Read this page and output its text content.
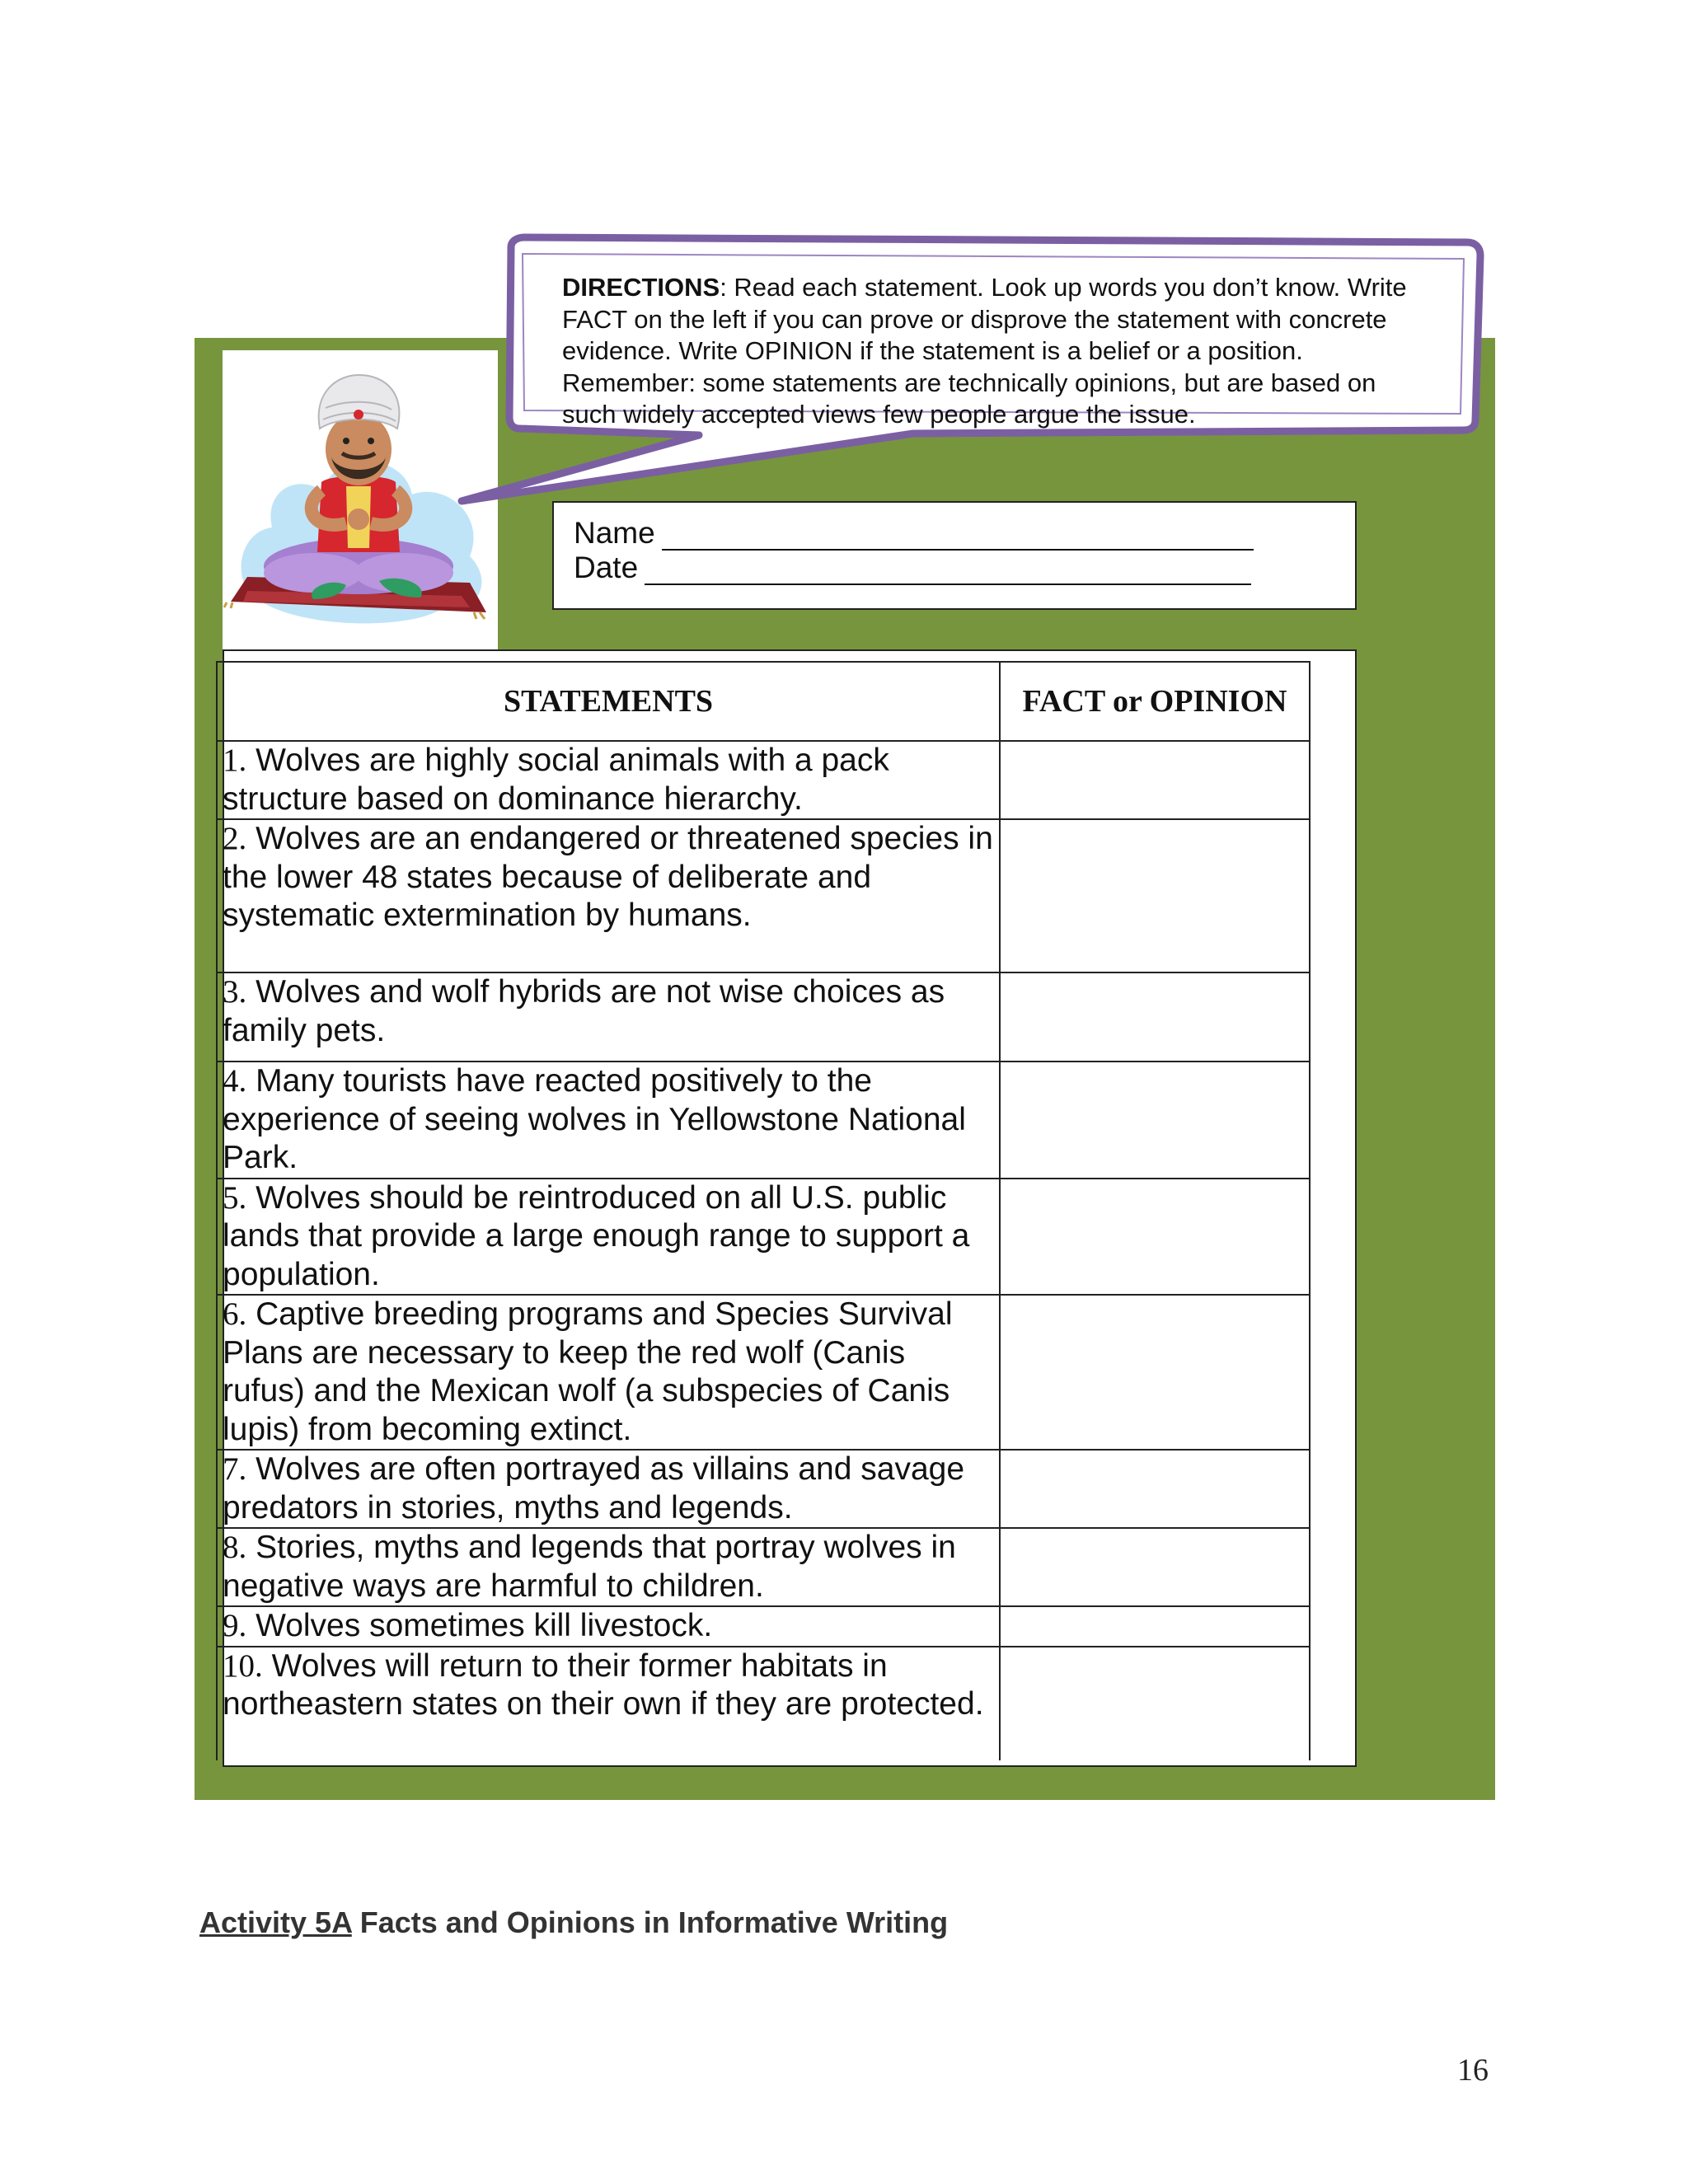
DIRECTIONS: Read each statement. Look up words you don’t know. Write FACT on the left if you can prove or disprove the statement with concrete evidence. Write OPINION if the statement is a belief or a position. Remember: some statements are technically opinions, but are based on such widely accepted views few people argue the issue.
Name
Date
STATEMENTS	FACT or OPINION
1. Wolves are highly social animals with a pack structure based on dominance hierarchy.	
2. Wolves are an endangered or threatened species in the lower 48 states because of deliberate and systematic extermination by humans.	
3. Wolves and wolf hybrids are not wise choices as family pets.	
4. Many tourists have reacted positively to the experience of seeing wolves in Yellowstone National Park.	
5. Wolves should be reintroduced on all U.S. public lands that provide a large enough range to support a population.	
6. Captive breeding programs and Species Survival Plans are necessary to keep the red wolf (Canis rufus) and the Mexican wolf (a subspecies of Canis lupis) from becoming extinct.	
7. Wolves are often portrayed as villains and savage predators in stories, myths and legends.	
8. Stories, myths and legends that portray wolves in negative ways are harmful to children.	
9. Wolves sometimes kill livestock.	
10. Wolves will return to their former habitats in northeastern states on their own if they are protected.	
Activity 5A Facts and Opinions in Informative Writing
16
